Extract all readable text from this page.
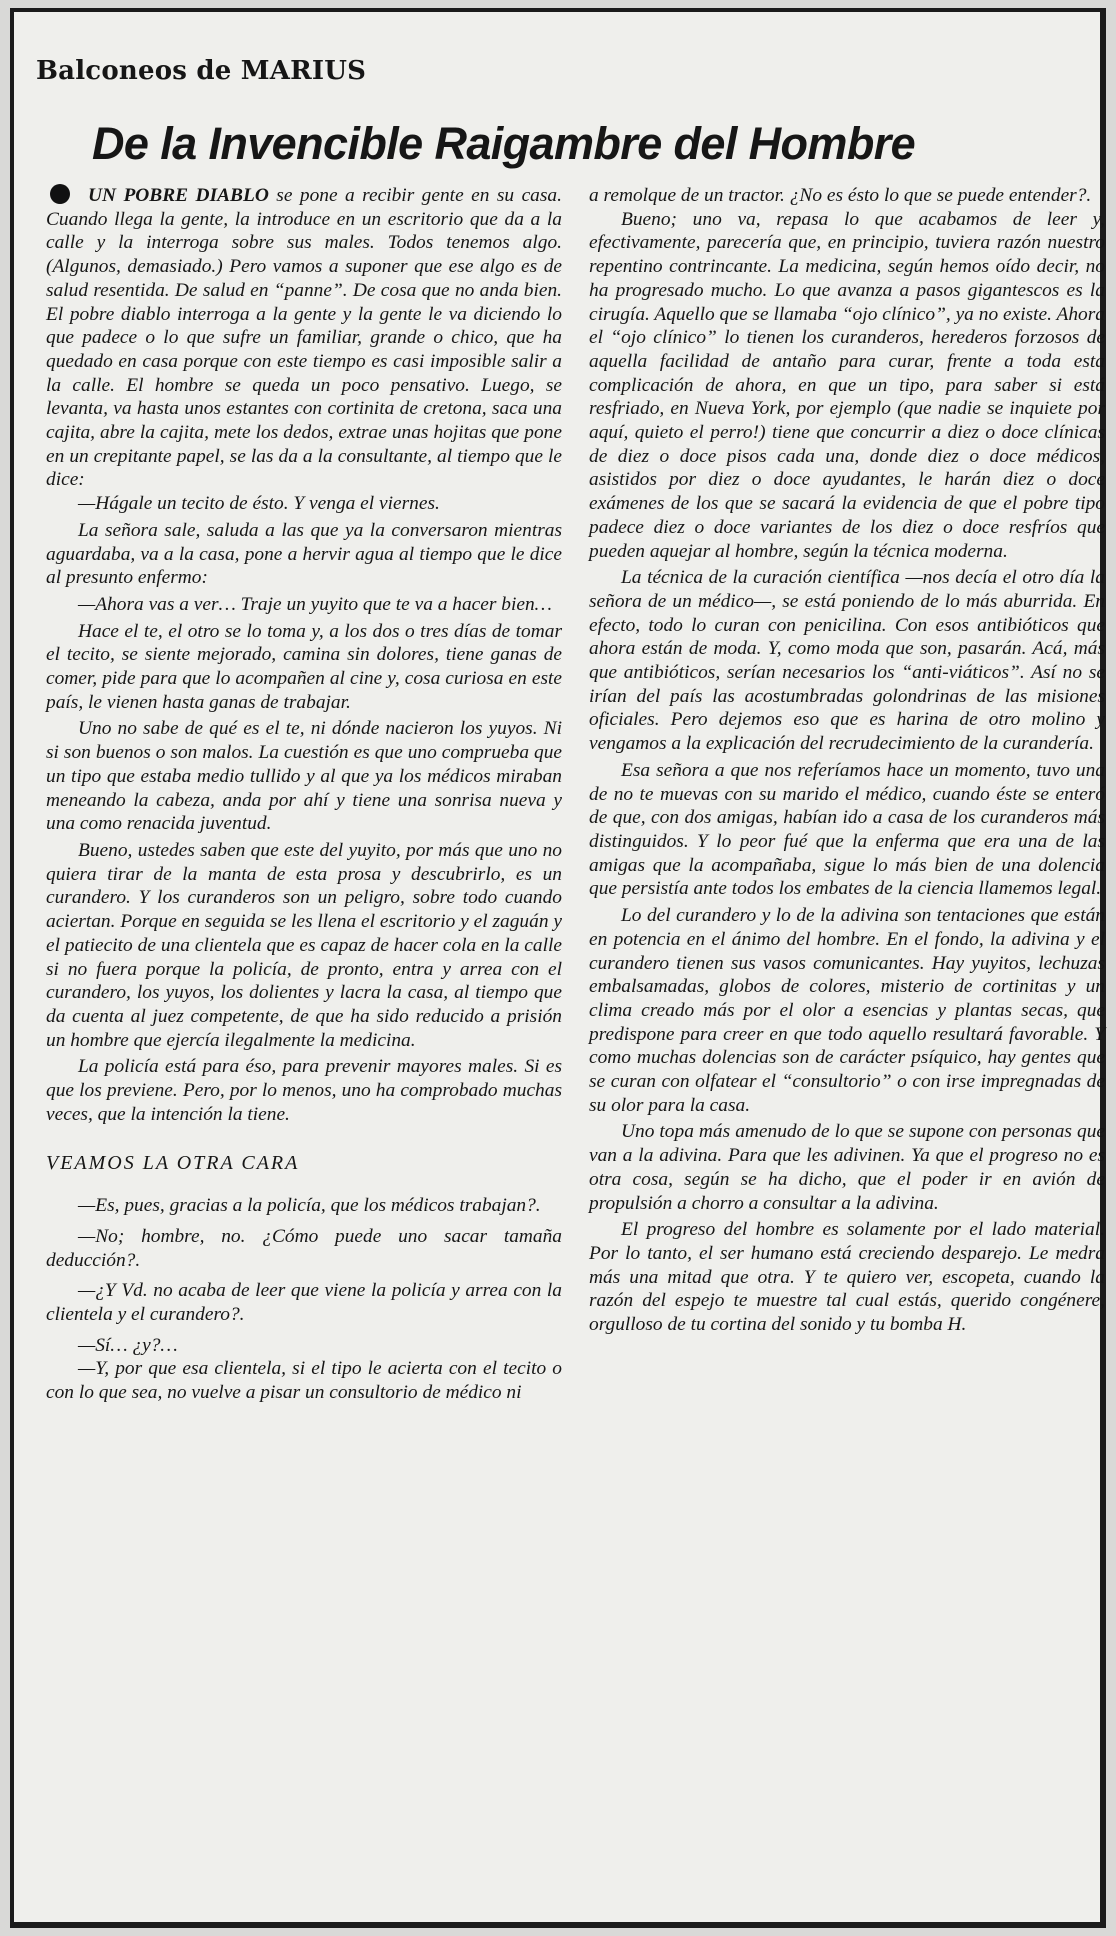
Balconeos de MARIUS
De la Invencible Raigambre del Hombre

UN POBRE DIABLO se pone a recibir gente en su casa. Cuando llega la gente, la introduce en un escritorio que da a la calle y la interroga sobre sus males. Todos tenemos algo. (Algunos, demasiado.) Pero vamos a suponer que ese algo es de salud resentida. De salud en “panne”. De cosa que no anda bien. El pobre diablo interroga a la gente y la gente le va diciendo lo que padece o lo que sufre un familiar, grande o chico, que ha quedado en casa porque con este tiempo es casi imposible salir a la calle. El hombre se queda un poco pensativo. Luego, se levanta, va hasta unos estantes con cortinita de cretona, saca una cajita, abre la cajita, mete los dedos, extrae unas hojitas que pone en un crepitante papel, se las da a la consultante, al tiempo que le dice:

—Hágale un tecito de ésto. Y venga el viernes.

La señora sale, saluda a las que ya la conversaron mientras aguardaba, va a la casa, pone a hervir agua al tiempo que le dice al presunto enfermo:

—Ahora vas a ver… Traje un yuyito que te va a hacer bien…

Hace el te, el otro se lo toma y, a los dos o tres días de tomar el tecito, se siente mejorado, camina sin dolores, tiene ganas de comer, pide para que lo acompañen al cine y, cosa curiosa en este país, le vienen hasta ganas de trabajar.

Uno no sabe de qué es el te, ni dónde nacieron los yuyos. Ni si son buenos o son malos. La cuestión es que uno comprueba que un tipo que estaba medio tullido y al que ya los médicos miraban meneando la cabeza, anda por ahí y tiene una sonrisa nueva y una como renacida juventud.

Bueno, ustedes saben que este del yuyito, por más que uno no quiera tirar de la manta de esta prosa y descubrirlo, es un curandero. Y los curanderos son un peligro, sobre todo cuando aciertan. Porque en seguida se les llena el escritorio y el zaguán y el patiecito de una clientela que es capaz de hacer cola en la calle si no fuera porque la policía, de pronto, entra y arrea con el curandero, los yuyos, los dolientes y lacra la casa, al tiempo que da cuenta al juez competente, de que ha sido reducido a prisión un hombre que ejercía ilegalmente la medicina.

La policía está para éso, para prevenir mayores males. Si es que los previene. Pero, por lo menos, uno ha comprobado muchas veces, que la intención la tiene.

VEAMOS LA OTRA CARA

—Es, pues, gracias a la policía, que los médicos trabajan?.

—No; hombre, no. ¿Cómo puede uno sacar tamaña deducción?.

—¿Y Vd. no acaba de leer que viene la policía y arrea con la clientela y el curandero?.

—Sí… ¿y?…

—Y, por que esa clientela, si el tipo le acierta con el tecito o con lo que sea, no vuelve a pisar un consultorio de médico ni

a remolque de un tractor. ¿No es ésto lo que se puede entender?.

Bueno; uno va, repasa lo que acabamos de leer y, efectivamente, parecería que, en principio, tuviera razón nuestro repentino contrincante. La medicina, según hemos oído decir, no ha progresado mucho. Lo que avanza a pasos gigantescos es la cirugía. Aquello que se llamaba “ojo clínico”, ya no existe. Ahora el “ojo clínico” lo tienen los curanderos, herederos forzosos de aquella facilidad de antaño para curar, frente a toda esta complicación de ahora, en que un tipo, para saber si está resfriado, en Nueva York, por ejemplo (que nadie se inquiete por aquí, quieto el perro!) tiene que concurrir a diez o doce clínicas de diez o doce pisos cada una, donde diez o doce médicos, asistidos por diez o doce ayudantes, le harán diez o doce exámenes de los que se sacará la evidencia de que el pobre tipo padece diez o doce variantes de los diez o doce resfríos que pueden aquejar al hombre, según la técnica moderna.

La técnica de la curación científica —nos decía el otro día la señora de un médico—, se está poniendo de lo más aburrida. En efecto, todo lo curan con penicilina. Con esos antibióticos que ahora están de moda. Y, como moda que son, pasarán. Acá, más que antibióticos, serían necesarios los “anti-viáticos”. Así no se irían del país las acostumbradas golondrinas de las misiones oficiales. Pero dejemos eso que es harina de otro molino y vengamos a la explicación del recrudecimiento de la curandería.

Esa señora a que nos referíamos hace un momento, tuvo una de no te muevas con su marido el médico, cuando éste se enteró de que, con dos amigas, habían ido a casa de los curanderos más distinguidos. Y lo peor fué que la enferma que era una de las amigas que la acompañaba, sigue lo más bien de una dolencia que persistía ante todos los embates de la ciencia llamemos legal.

Lo del curandero y lo de la adivina son tentaciones que están en potencia en el ánimo del hombre. En el fondo, la adivina y el curandero tienen sus vasos comunicantes. Hay yuyitos, lechuzas embalsamadas, globos de colores, misterio de cortinitas y un clima creado más por el olor a esencias y plantas secas, que predispone para creer en que todo aquello resultará favorable. Y como muchas dolencias son de carácter psíquico, hay gentes que se curan con olfatear el “consultorio” o con irse impregnadas de su olor para la casa.

Uno topa más amenudo de lo que se supone con personas que van a la adivina. Para que les adivinen. Ya que el progreso no es otra cosa, según se ha dicho, que el poder ir en avión de propulsión a chorro a consultar a la adivina.

El progreso del hombre es solamente por el lado material. Por lo tanto, el ser humano está creciendo desparejo. Le medra más una mitad que otra. Y te quiero ver, escopeta, cuando la razón del espejo te muestre tal cual estás, querido congénere, orgulloso de tu cortina del sonido y tu bomba H.
